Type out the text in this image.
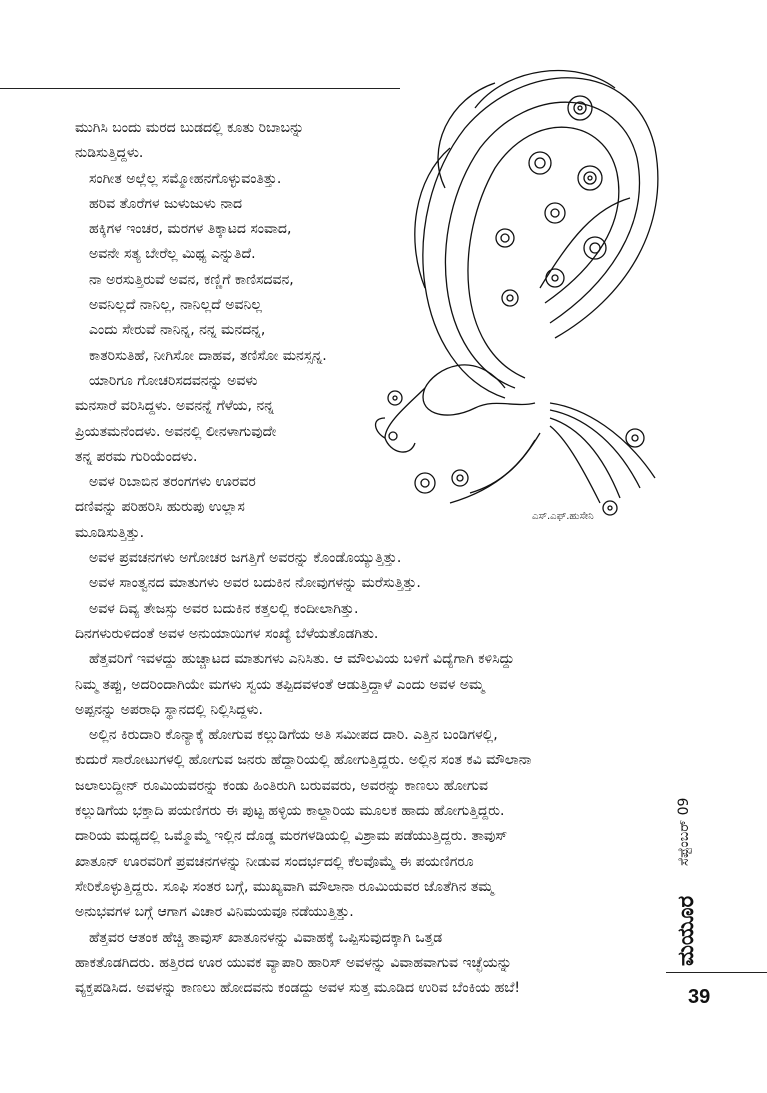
ಎಸ್.ಎಫ್.ಹುಸೇನಿ
ಮುಗಿಸಿ ಬಂದು ಮರದ ಬುಡದಲ್ಲಿ ಕೂತು ರಿಬಾಬನ್ನು
ನುಡಿಸುತ್ತಿದ್ದಳು.
ಸಂಗೀತ ಅಲ್ಲೆಲ್ಲ ಸಮ್ಮೋಹನಗೊಳ್ಳುವಂತಿತ್ತು.
ಹರಿವ ತೊರೆಗಳ ಜುಳುಜುಳು ನಾದ
ಹಕ್ಕಿಗಳ ಇಂಚರ, ಮರಗಳ ತಿಕ್ಕಾಟದ ಸಂವಾದ,
ಅವನೇ ಸತ್ಯ ಬೇರೆಲ್ಲ ಮಿಥ್ಯ ಎನ್ನುತಿದೆ.
ನಾ ಅರಸುತ್ತಿರುವೆ ಅವನ, ಕಣ್ಣಿಗೆ ಕಾಣಿಸದವನ,
ಅವನಿಲ್ಲದೆ ನಾನಿಲ್ಲ, ನಾನಿಲ್ಲದೆ ಅವನಿಲ್ಲ
ಎಂದು ಸೇರುವೆ ನಾನಿನ್ನ, ನನ್ನ ಮನದನ್ನ,
ಕಾತರಿಸುತಿಹೆ, ನೀಗಿಸೋ ದಾಹವ, ತಣಿಸೋ ಮನಸ್ಸನ್ನ.
ಯಾರಿಗೂ ಗೋಚರಿಸದವನನ್ನು ಅವಳು
ಮನಸಾರೆ ವರಿಸಿದ್ದಳು. ಅವನನ್ನೆ ಗೆಳೆಯ, ನನ್ನ
ಪ್ರಿಯತಮನೆಂದಳು. ಅವನಲ್ಲಿ ಲೀನಳಾಗುವುದೇ
ತನ್ನ ಪರಮ ಗುರಿಯೆಂದಳು.
ಅವಳ ರಿಬಾಬಿನ ತರಂಗಗಳು ಊರವರ
ದಣಿವನ್ನು ಪರಿಹರಿಸಿ ಹುರುಪು ಉಲ್ಲಾಸ
ಮೂಡಿಸುತ್ತಿತ್ತು.
ಅವಳ ಪ್ರವಚನಗಳು ಅಗೋಚರ ಜಗತ್ತಿಗೆ ಅವರನ್ನು ಕೊಂಡೊಯ್ಯುತ್ತಿತ್ತು.
ಅವಳ ಸಾಂತ್ವನದ ಮಾತುಗಳು ಅವರ ಬದುಕಿನ ನೋವುಗಳನ್ನು ಮರೆಸುತ್ತಿತ್ತು.
ಅವಳ ದಿವ್ಯ ತೇಜಸ್ಸು ಅವರ ಬದುಕಿನ ಕತ್ತಲಲ್ಲಿ ಕಂದೀಲಾಗಿತ್ತು.
ದಿನಗಳುರುಳಿದಂತೆ ಅವಳ ಅನುಯಾಯಿಗಳ ಸಂಖ್ಯೆ ಬೆಳೆಯತೊಡಗಿತು.
ಹೆತ್ತವರಿಗೆ ಇವಳದ್ದು ಹುಚ್ಚಾಟದ ಮಾತುಗಳು ಎನಿಸಿತು. ಆ ಮೌಲವಿಯ ಬಳಿಗೆ ವಿದ್ಯೆಗಾಗಿ ಕಳಿಸಿದ್ದು
ನಿಮ್ಮ ತಪ್ಪು, ಅದರಿಂದಾಗಿಯೇ ಮಗಳು ಸ್ವಯ ತಪ್ಪಿದವಳಂತೆ ಆಡುತ್ತಿದ್ದಾಳೆ ಎಂದು ಅವಳ ಅಮ್ಮ
ಅಪ್ಪನನ್ನು ಅಪರಾಧಿ ಸ್ಥಾನದಲ್ಲಿ ನಿಲ್ಲಿಸಿದ್ದಳು.
ಅಲ್ಲಿನ ಕಿರುದಾರಿ ಕೊನ್ಯಾಕ್ಕೆ ಹೋಗುವ ಕಲ್ಲುಡಿಗೆಯ ಅತಿ ಸಮೀಪದ ದಾರಿ. ಎತ್ತಿನ ಬಂಡಿಗಳಲ್ಲಿ,
ಕುದುರೆ ಸಾರೋಟುಗಳಲ್ಲಿ ಹೋಗುವ ಜನರು ಹೆದ್ದಾರಿಯಲ್ಲಿ ಹೋಗುತ್ತಿದ್ದರು. ಅಲ್ಲಿನ ಸಂತ ಕವಿ ಮೌಲಾನಾ
ಜಲಾಲುದ್ದೀನ್ ರೂಮಿಯವರನ್ನು ಕಂಡು ಹಿಂತಿರುಗಿ ಬರುವವರು, ಅವರನ್ನು ಕಾಣಲು ಹೋಗುವ
ಕಲ್ಲುಡಿಗೆಯ ಭಕ್ತಾದಿ ಪಯಣಿಗರು ಈ ಪುಟ್ಟ ಹಳ್ಳಿಯ ಕಾಲ್ದಾರಿಯ ಮೂಲಕ ಹಾದು ಹೋಗುತ್ತಿದ್ದರು.
ದಾರಿಯ ಮಧ್ಯದಲ್ಲಿ ಒಮ್ಮೊಮ್ಮೆ ಇಲ್ಲಿನ ದೊಡ್ಡ ಮರಗಳಡಿಯಲ್ಲಿ ವಿಶ್ರಾಮ ಪಡೆಯುತ್ತಿದ್ದರು. ತಾವುಸ್
ಖಾತೂನ್ ಊರವರಿಗೆ ಪ್ರವಚನಗಳನ್ನು ನೀಡುವ ಸಂದರ್ಭದಲ್ಲಿ ಕೆಲವೊಮ್ಮೆ ಈ ಪಯಣಿಗರೂ
ಸೇರಿಕೊಳ್ಳುತ್ತಿದ್ದರು. ಸೂಫಿ ಸಂತರ ಬಗ್ಗೆ, ಮುಖ್ಯವಾಗಿ ಮೌಲಾನಾ ರೂಮಿಯವರ ಜೊತೆಗಿನ ತಮ್ಮ
ಅನುಭವಗಳ ಬಗ್ಗೆ ಆಗಾಗ ವಿಚಾರ ವಿನಿಮಯವೂ ನಡೆಯುತ್ತಿತ್ತು.
ಹೆತ್ತವರ ಆತಂಕ ಹೆಚ್ಚಿ ತಾವುಸ್ ಖಾತೂನಳನ್ನು ವಿವಾಹಕ್ಕೆ ಒಪ್ಪಿಸುವುದಕ್ಕಾಗಿ ಒತ್ತಡ
ಹಾಕತೊಡಗಿದರು. ಹತ್ತಿರದ ಊರ ಯುವಕ ವ್ಯಾಪಾರಿ ಹಾರಿಸ್ ಅವಳನ್ನು ವಿವಾಹವಾಗುವ ಇಚ್ಛೆಯನ್ನು
ವ್ಯಕ್ತಪಡಿಸಿದ. ಅವಳನ್ನು ಕಾಣಲು ಹೋದವನು ಕಂಡದ್ದು ಅವಳ ಸುತ್ತ ಮೂಡಿದ ಉರಿವ ಬೆಂಕಿಯ ಹಬೆ!
ಮಯೂರ
ಸೆಪ್ಟೆಂಬರ್ 09
39
